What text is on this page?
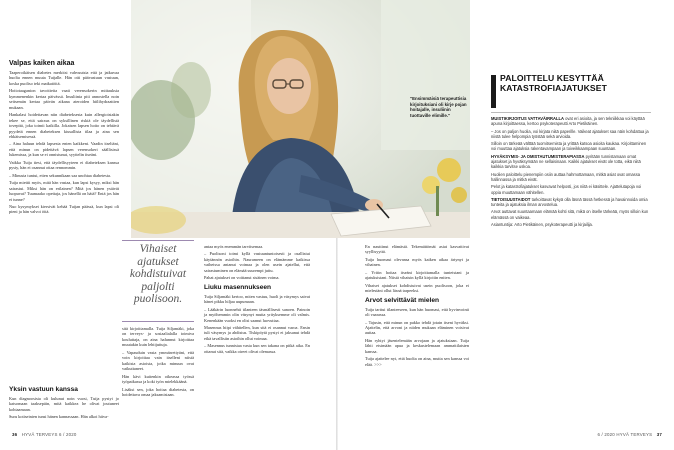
"Ensimmäisiä terapeuttisia kirjoituksiani oli kirje pojan hoitajalle, insuliinin tuottaville elimille."
Valpas kaiken aikaa

Taaperoikäisen diabetes merkitsi vahvuutsia että ja jatkuvaa huolta ennen muuta Tuijalle. Hän otti päävastuun vastuun, koska puoliso teki matkatöitä.

Hoitotaaganion tavoitteita vaati verensokerin mittauksia kymmenenkin kertaa päivässä. Insuliinia piti annostella noin seitsemän kertaa päivän aikana ateroiden hiilihydraattien mukaan.

Hankalasi hoidettavan niin diabeteksesta kuin allergioistakin tekee se, että sairaus on syksillinen riskiä ole täydellistä tovepitä, joka toimii kaikilla. Jokaisen lapsen hoito on tehtävä pyydetä ennen diabeteksen kiusallista tilaa ja aina sen ehkäisemisessä.

– Aina haluun tehdä lapsesta enten kaikkeni. Vaadin itseltäni, että minun on pidettävä lapsen verensokeri säällisissä lukemissa, ja kun se ei onnistunut, syyttelin itseäni.

Vaikka Tuija tiesi, että täydellisyyteen ei diabeteksen kanssa pysty, hän ei osannut ottaa rennommin.

– Minusta tuntui, etten sekunnikaan saa unohtaa diabetesta.

Tuija miettii myös, mitä hän vastaa, kun lapsi kysyy, miksi hän sairastui. Miksi hän on erilainen? Mitä jos hänen ystävät luopuvat? Tuumaako opettaja, jos hänellä on hätä? Entä jos hän ei tunne?

Nuo kysymykset kiersivät kehää Tuijan päässä, kun lapsi oli pieni ja hän valvoi öitä.

Yksin vastuun kanssa

Kun diagnoosista oli kulunut noin vuosi, Tuija pystyi jo katsomaan taaksepäin, mitä kaikkea he olivat joutuneet kohtaamaan.

Suru kotiseinien tunsi hänen kannassaan. Hän alkoi hiiva-

Vihaiset ajatukset kohdistuivat paljolti puolisoon.

sitä kirjoittamalla. Tuija Siljamäki, joka on terveys- ja sosiaalialalla toimiva kouluttaja, on aina halunnut kirjoittaa muutakin kuin lehtijuttuja.

– Vapauduin vasta ymmärrettyäni, että voin kirjoittaa vain itselleni niistä kaikista asioista, jotka minuun ovat vaikuttaneet.

Hän kävi kuitenkin oikeassa työssä työpaikassa ja koki työn mielekkäänä.

Lisäksi sen, joka hoitaa diabetesta, on hoidettava omaa jaksamistaan.

antaa myös enemmän tarvitsemaa.

– Puolisoni toimi kyllä vastuuntuntoisesti ja osallistui käytännön asioihin. Naurameen on elämämme kaikissa vaiheissa antanut voimaa ja olen usein ajatellut, että sairastuminen on elämää suurempi juttu.

Pahat ajatukset on voittanut sisäinen voima.

Liuku masennukseen

Tuija Siljamäki kertoo, miten vastuu, huoli ja väsymys saivat hänet pikku hiljaa uupumaan.

– Lääkärin luonnehti tilanteen täsmällisesti sanoen. Painoin ja myöhemmin olin väsynyt mutta yrityksemme oli valmis. Kenenkään vuoksi en olisi saanut luovuttaa.

Masennus hiipi vähitellen, kun sitä ei osannut varoa. Ensin tuli väsymys ja ahdistus. Tiskipöytä pystyi ei jaksanut tehdä eikä tavallisiin asioihin ollut voimaa.

– Masennus tunnistaa vasta kun sen takana on pitkä aika. En ottanut sitä, vaikka oireet olivat olemassa.

En nauttinut elämästä. Tekemättömät asiat kasvattivat syyllisyyttä.

Tuija huomasi olevansa myös kaiken aikaa ärtynyt ja vihainen.

– Yritin hoitaa itseäni kirjoittamalla tunteistani ja ajatuksistani. Niistä vihaisin kyllä kirjoitin eniten.

Vihaiset ajatukset kohdistuivat usein puolisoon, joka ei mielestäni ollut läsnä tarpeeksi.

Arvot selvittävät mielen

Tuija tarttui tilanteeseen, kun hän huomasi, että hyvinvointi oli vaarassa.

– Tajusin, että minun on pakko tehdä jotain itseni hyväksi. Ajattelin, että arvoni ja niiden mukaan eläminen voisivat auttaa.

Hän ryhtyi jäsentelemään arvojaan ja ajatuksiaan. Tuija lähti etsimään apua ja keskustelemaan ammattilaisten kanssa.

Tuija ajattelee nyt, että huolta on aina, mutta sen kanssa voi elää. >>>

PALOITTELU KESYTTÄÄ KATASTROFIAJATUKSET

MUISTIKIRJOITUS VATTAVÄIRRALLA ovat eri asioita, ja sen tekniikkaa voi käyttää apuna kirjoittaessa, kertoo psykoterapeutti Arto Pietikäinen.

– Jos on paljon huolia, voi kirjata niitä paperille. Vaikeat ajatukset saa näin kohdattua ja niistä tulee helpompia työstää sekä arvioida.

Silloin on tärkeää välttää tuomitsemista ja yrittää katsoa asioita kaukaa. Kirjoittaminen voi muuttaa ajatuksia rakentavampaan ja toiveikkaampaan suuntaan.

HYVÄKSYMIS- JA OMISTAUTUMISTERAPIASSA pyritään tunnistamaan omat ajatukset ja hyväksymään ne sellaisinaan. Kaikki ajatukset eivät ole totta, eikä niitä kaikkia tarvitse uskoa.

Huolien paloittelu pienempiin osiin auttaa hahmottamaan, mitkä asiat ovat omassa hallinnassa ja mitkä eivät.

Pelot ja katastrofiajatukset kasvavat helposti, jos niitä ei käsittele. Ajattelutapoja voi oppia muuttamaan vähitellen.

TIETOISUUSTAIDOT tarkoittavat kykyä olla läsnä tässä hetkessä ja havainnoida omia tunteita ja ajatuksia ilman arvostelua.

Arvot auttavat suuntaamaan elämää kohti sitä, mikä on itselle tärkeää, myös silloin kun elämässä on vaikeaa.

Asiantuntija: Arto Pietikäinen, psykoterapeutti ja kirjailija.

36 HYVÄ TERVEYS 6 / 2020	6 / 2020 HYVÄ TERVEYS 37
